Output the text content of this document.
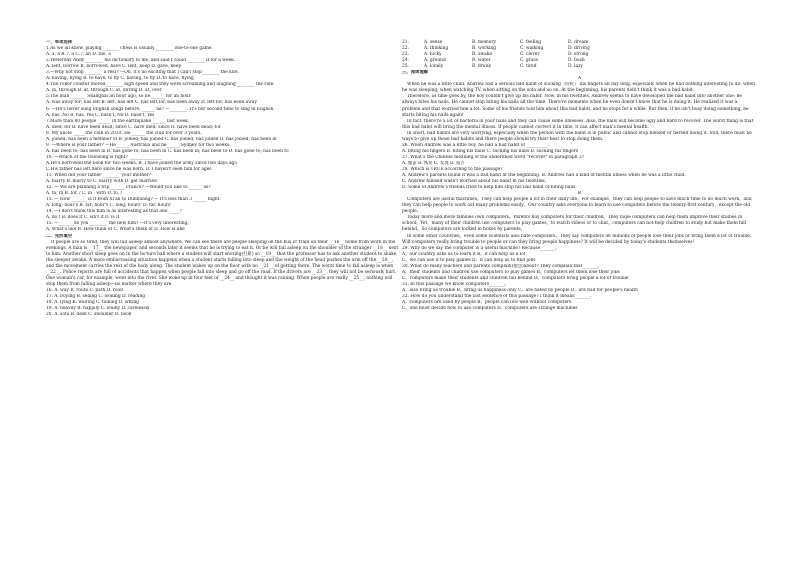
一、单项选择
1.As we all know, playing________ chess is usually ________ one-to-one game.
A. a, a B. /, a C. /, an D. the, a
2.Yesterday Andy ________ his dictionary to me, and said I could ________ it for a week.
A. lent, borrow B. borrowed, have C. lent, keep D. gave, keep
3.—Why not stop ________ a rest? —Oh, it's no exciting that I can't stop________ the kite.
A. having, flying B. to have, to fly C. having, to fly D. to have, flying
4.The roller coaster moved________ high speed and they were screaming and laughing ________ the ride.
A. in, through B. at, through C. at, during D. at, over
5.The man _______ Shanghai an hour ago, so he ______ for an hour.
A. was away for; has left B. left, has left C. has left for, has been away D. left for, has been away
6. —He's never sung English songs before, ______ he? —________. It's her second time to sing in English.
A. has ,No B. has, Yes C. hasn't, No D. hasn't, Yes
7.More than 80 people ______ in the earthquake ______ last week.
A. died; for B. have been dead; since C. have died; since D. have been dead; for
8. My uncle _____ the club in 2010. He ______ the club for over 3 years.
A. joined; has been a member of B. joined; has joined C. has joined; has joined D. has joined; has been in
9. —Where is your father? —He______ Australia and he______ Sydney for two weeks.
A. has been to; has been in B. has gone to; has been in C. has been in; has been to D. has gone to; has been to
10. —Which of the following is right? _______________
A.He's borrowed the book for two weeks. B. I have joined the army since two days ago
C.His father has left here since he was born. D. I haven't seen him for ages
11. When did your father ________ your mother?
A. marry B. marry to C. marry with D. get married
12. — We are planning a trip_______ France? —Would you like to ______ us?
A. to, in B. for, / C. in , with D. to, /
13. — How _______ is it from Xi'an to Dunhuang? — It's less than 3 ______ flight.
A. long; hour's B. far; hour's C. long; hours' D. far, hours'
14. —I don't think this film is as interesting as that one._____?
A. do I B. does it C. isn't it D. is it
15. —_______do you ________ the new film? —It's very interesting。
A. What's like B. How think of C. What's think of D. How is like
二、完形填空
If people are so tired, they will fall asleep almost anywhere. We can see there are people sleeping on the bus or train on their __16__ home from work in the evenings. A man is __17__ the newspaper, and seconds later it seems that he is trying to eat it. Or he will fall asleep on the shoulder of the stranger __18__ next to him. Another short sleep goes on in the lecture hall where a student will start snoring(打鼾) so __19__ that the professor has to ask another student to shake the sleeper awake. A more embarrassing situation happens when a student starts falling into sleep and the weight of the head pushes the arm off the __20__, and the movement carries the rest of the body along. The student wakes up on the floor with no __21__ of getting there. The worst time to fall asleep is when __22__. Police reports are full of accidents that happen when people fall into sleep and go off the road. If the drivers are __23__, they will not be seriously hurt. One woman's car, for example, went into the river. She woke up in four feet of __24__ and thought it was raining. When people are really __25__, nothing will stop them from falling asleep—no matter where they are.
16. A. way B. route C. path D. road
17. A. buying B. selling C. looking D. reading
18. A. lying B. waiting C. talking D. sitting
19. A. heavily B. happily C. loudly D. carelessly
20. A. sofa B. desk C. shoulder D. book
21.	A. sense	B. memory	C. feeling	D. dream
22.	A. thinking	B. working	C. walking	D. driving
23.	A. lucky	B. awake	C. clever	D. strong
24.	A. ground	B. water	C. grass	D. bush
25.	A. lonely	B. drunk	C. tired	D. lazy
三、阅读理解
A
When he was a little child, Andrew had a serious bad habit of sucking（咬吮） his fingers all day long, especially when he had nothing interesting to do: when he was sleeping, when watching TV, when sitting on the sofa and so on. At the beginning, his parents didn't think it was a bad habit.
Therefore, as time goes by, the boy couldn't give up his habit. Now, in his twenties, Andrew seems to have developed the bad habit into another one: he always bites his nails. He cannot stop biting his nails all the time. There're moments when he even doesn't know that he is doing it. He realized it was a problem and that worried him a lot. Some of his friends told him about this bad habit, and he stops for a while. But then, if he isn't busy doing something, he starts biting his nails again!
In fact, there're a lot of bacteria in your nails and they can cause some illnesses. Also, the nails will become ugly and hard to recover. The worst thing is that this bad habit will bring the mental illness. If people cannot correct it in time, it can affect man's mental health.
In short, bad habits are very worrying, especially when the person with the habit is in public and cannot stop himself or herself doing it. Still, there must be ways to give up these bad habits and there people should try their best to stop doing them.
26. When Andrew was a little boy, he had a bad habit of __________.
A. biting his fingers B. biting his nails C. sucking his nails D. sucking his fingers
27. What's the Chinese meaning of the underlined word "recover" in paragraph 3?
A. 覆盖 B. 恢复 C. 发现 D. 报告
28. Which is TRUE according to the passage?
A. Andrew's parents found it was a bad habit at the beginning. B. Andrew had a kind of mental illness when he was a little child.
C. Andrew himself wasn't worried about his habit in his twenties.
D. Some of Andrew's friends tried to help him stop his bad habit of biting nails.
B
Computers are useful machines。They can help people a lot in their daily life。For example，they can help people to save much time to do much work，and they can help people to work out many problems easily。Our country asks everyone to learn to use computers before the twenty-first century，except the old people。
Today more and more families own computers。Parents buy computers for their children。They hope computers can help them improve their studies in school。Yet，many of their children use computers to play games，to watch videos or to chat。computers can not help children to study but make them fall behind。So computers are locked in boxes by parents。
In some other countries，even some scientists also hate computers。They say computers let millions of people lose their jobs or bring them a lot of trouble。Will computers really bring trouble to people or can they bring people happiness? It will be decided by today's students themselves!
29. Why do we say the computer is a useful machine? Because_______。
A。our country asks us to learn it B。it can help us a lot
C。we can use it to play games D。it can help us to find jobs
30. What do many teachers and parents complain(抱怨)about? They complain that_______。
A。their students and children use computers to play games B。computers let them lose their jobs
C。computers make their students and children fall behind D。computers bring people a lot of trouble
31. In this passage we know computers_______。
A。also bring us trouble B。bring us happiness only C。are hated by people D。are bad for people's health
32. How do you understand the last sentence of this passage? I think it means_______。
A。computers are used by people B。people can live well without computers
C。one must decide how to use computers D。computers are strange machines
